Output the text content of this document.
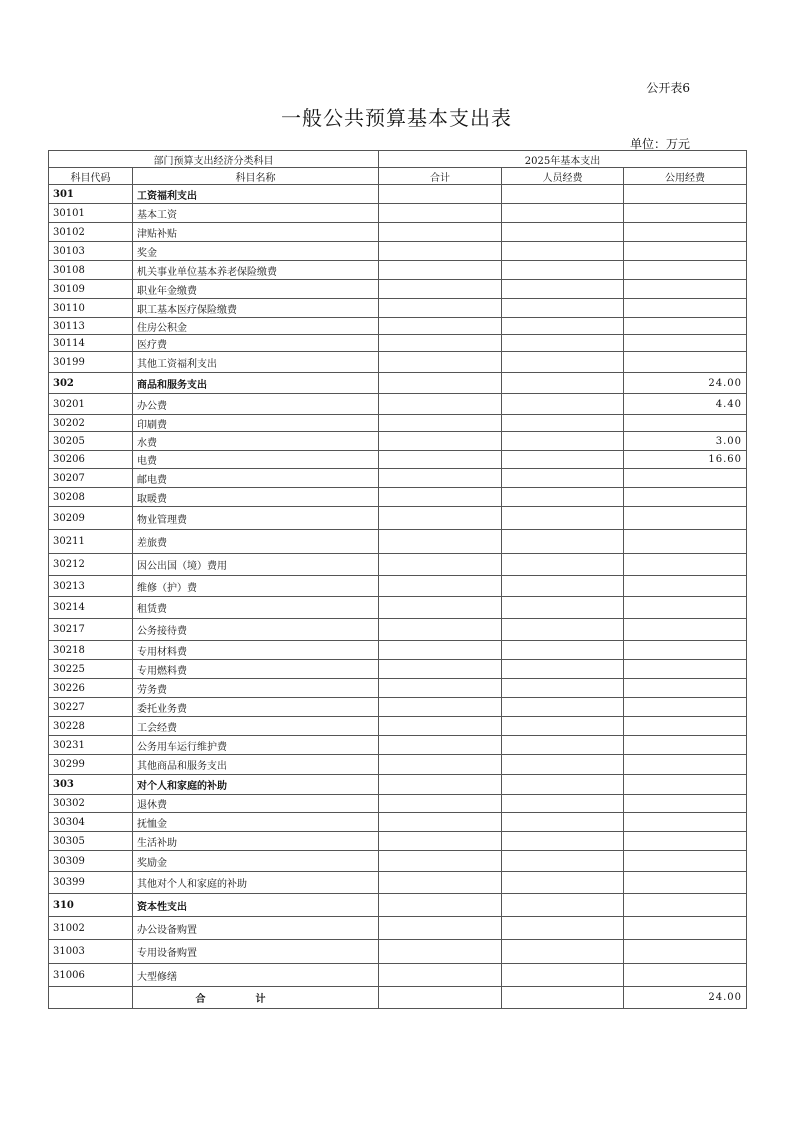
公开表6
一般公共预算基本支出表
单位：万元
部门预算支出经济分类科目		2025年基本支出		
科目代码	科目名称	合计	人员经费	公用经费
301	工资福利支出			
30101	基本工资			
30102	津贴补贴			
30103	奖金			
30108	机关事业单位基本养老保险缴费			
30109	职业年金缴费			
30110	职工基本医疗保险缴费			
30113	住房公积金			
30114	医疗费			
30199	其他工资福利支出			
302	商品和服务支出			24.00
30201	办公费			4.40
30202	印刷费			
30205	水费			3.00
30206	电费			16.60
30207	邮电费			
30208	取暖费			
30209	物业管理费			
30211	差旅费			
30212	因公出国（境）费用			
30213	维修（护）费			
30214	租赁费			
30217	公务接待费			
30218	专用材料费			
30225	专用燃料费			
30226	劳务费			
30227	委托业务费			
30228	工会经费			
30231	公务用车运行维护费			
30299	其他商品和服务支出			
303	对个人和家庭的补助			
30302	退休费			
30304	抚恤金			
30305	生活补助			
30309	奖励金			
30399	其他对个人和家庭的补助			
310	资本性支出			
31002	办公设备购置			
31003	专用设备购置			
31006	大型修缮			
	合计			24.00
